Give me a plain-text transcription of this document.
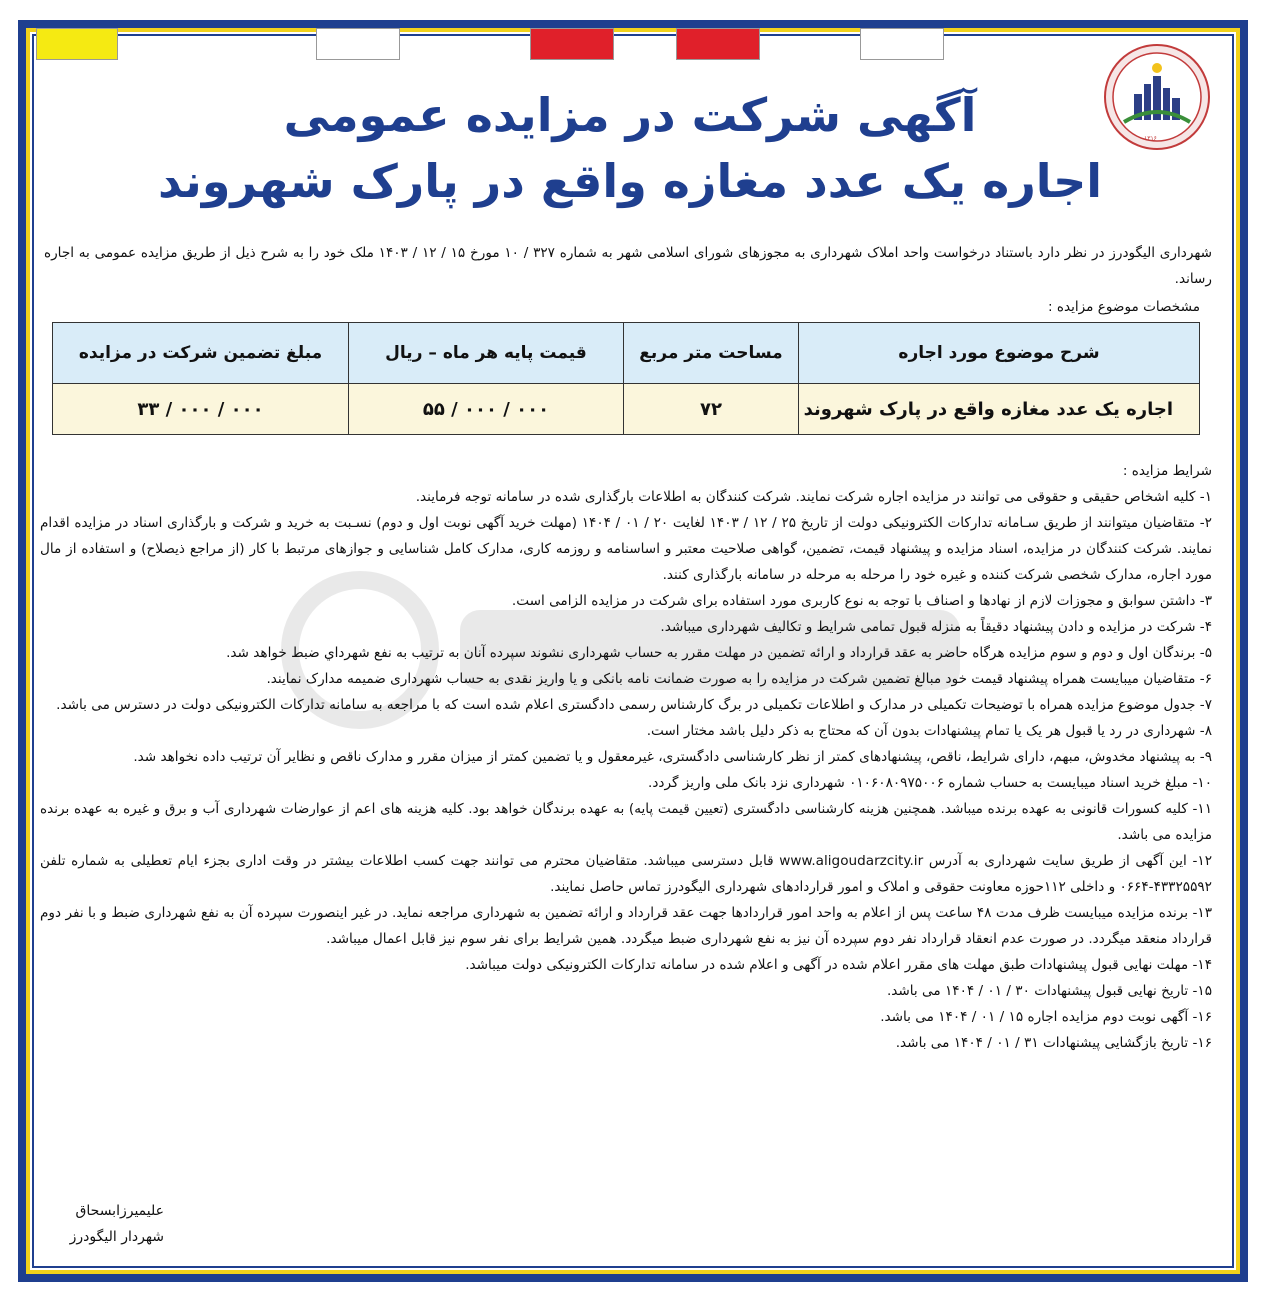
۱۳۱۶
آگهی شرکت در مزایده عمومی
اجاره یک عدد مغازه واقع در پارک شهروند
شهرداری الیگودرز در نظر دارد باستناد درخواست واحد املاک شهرداری به مجوزهای شورای اسلامی شهر به شماره ۳۲۷ / ۱۰ مورخ ۱۵ / ۱۲ / ۱۴۰۳ ملک خود را به شرح ذیل از طریق مزایده عمومی به اجاره رساند.
مشخصات موضوع مزایده :
شرح موضوع مورد اجاره	مساحت متر مربع	قیمت پایه هر ماه – ریال	مبلغ تضمین شرکت در مزایده
اجاره یک عدد مغازه واقع در پارک شهروند	۷۲	۰۰۰ / ۰۰۰ / ۵۵	۰۰۰ / ۰۰۰ / ۳۳

شرایط مزایده :

۱- کلیه اشخاص حقیقی و حقوقی می توانند در مزایده اجاره شرکت نمایند. شرکت کنندگان به اطلاعات بارگذاری شده در سامانه توجه فرمایند.

۲- متقاضیان میتوانند از طریق سـامانه تدارکات الکترونیکی دولت از تاریخ ۲۵ / ۱۲ / ۱۴۰۳ لغایت ۲۰ / ۰۱ / ۱۴۰۴ (مهلت خرید آگهی نوبت اول و دوم) نسـبت به خرید و شرکت و بارگذاری اسناد در مزایده اقدام نمایند. شرکت کنندگان در مزایده، اسناد مزایده و پیشنهاد قیمت، تضمین، گواهی صلاحیت معتبر و اساسنامه و روزمه کاری، مدارک کامل شناسایی و جوازهای مرتبط با کار (از مراجع ذیصلاح) و استفاده از مال مورد اجاره، مدارک شخصی شرکت کننده و غیره خود را مرحله به مرحله در سامانه بارگذاری کنند.

۳- داشتن سوابق و مجوزات لازم از نهادها و اصناف با توجه به نوع کاربری مورد استفاده برای شرکت در مزایده الزامی است.

۴- شرکت در مزایده و دادن پیشنهاد دقیقاً به منزله قبول تمامی شرایط و تکالیف شهرداری میباشد.

۵- برندگان اول و دوم و سوم مزایده هرگاه حاضر به عقد قرارداد و ارائه تضمین در مهلت مقرر به حساب شهرداری نشوند سپرده آنان به ترتیب به نفع شهرداي ضبط خواهد شد.

۶- متقاضیان میبایست همراه پیشنهاد قیمت خود مبالغ تضمین شرکت در مزایده را به صورت ضمانت نامه بانکی و یا واریز نقدی به حساب شهرداری ضمیمه مدارک نمایند.

۷- جدول موضوع مزایده همراه با توضیحات تکمیلی در مدارک و اطلاعات تکمیلی در برگ کارشناس رسمی دادگستری اعلام شده است که با مراجعه به سامانه تدارکات الکترونیکی دولت در دسترس می باشد.

۸- شهرداری در رد یا قبول هر یک یا تمام پیشنهادات بدون آن که محتاج به ذکر دلیل باشد مختار است.

۹- به پیشنهاد مخدوش، مبهم، دارای شرایط، ناقص، پیشنهادهای کمتر از نظر کارشناسی دادگستری، غیرمعقول و یا تضمین کمتر از میزان مقرر و مدارک ناقص و نظایر آن ترتیب داده نخواهد شد.

۱۰- مبلغ خرید اسناد میبایست به حساب شماره ۰۱۰۶۰۸۰۹۷۵۰۰۶ شهرداری نزد بانک ملی واریز گردد.

۱۱- کلیه کسورات قانونی به عهده برنده میباشد. همچنین هزینه کارشناسی دادگستری (تعیین قیمت پایه) به عهده برندگان خواهد بود. کلیه هزینه های اعم از عوارضات شهرداری آب و برق و غیره به عهده برنده مزایده می باشد.

۱۲- این آگهی از طریق سایت شهرداری به آدرس www.aligoudarzcity.ir قابل دسترسی میباشد. متقاضیان محترم می توانند جهت کسب اطلاعات بیشتر در وقت اداری بجزء ایام تعطیلی به شماره تلفن ۴۳۳۲۵۵۹۲-۰۶۶۴ و داخلی ۱۱۲حوزه معاونت حقوقی و املاک و امور قراردادهای شهرداری الیگودرز تماس حاصل نمایند.

۱۳- برنده مزایده میبایست ظرف مدت ۴۸ ساعت پس از اعلام به واحد امور قراردادها جهت عقد قرارداد و ارائه تضمین به شهرداری مراجعه نماید. در غیر اینصورت سپرده آن به نفع شهرداری ضبط و با نفر دوم قرارداد منعقد میگردد. در صورت عدم انعقاد قرارداد نفر دوم سپرده آن نیز به نفع شهرداری ضبط میگردد. همین شرایط برای نفر سوم نیز قابل اعمال میباشد.

۱۴- مهلت نهایی قبول پیشنهادات طبق مهلت های مقرر اعلام شده در آگهی و اعلام شده در سامانه تدارکات الکترونیکی دولت میباشد.

۱۵- تاریخ نهایی قبول پیشنهادات ۳۰ / ۰۱ / ۱۴۰۴ می باشد.

۱۶- آگهی نوبت دوم مزایده اجاره ۱۵ / ۰۱ / ۱۴۰۴ می باشد.

۱۶- تاریخ بازگشایی پیشنهادات ۳۱ / ۰۱ / ۱۴۰۴ می باشد.

علیمیرزابسحاق
شهردار الیگودرز
